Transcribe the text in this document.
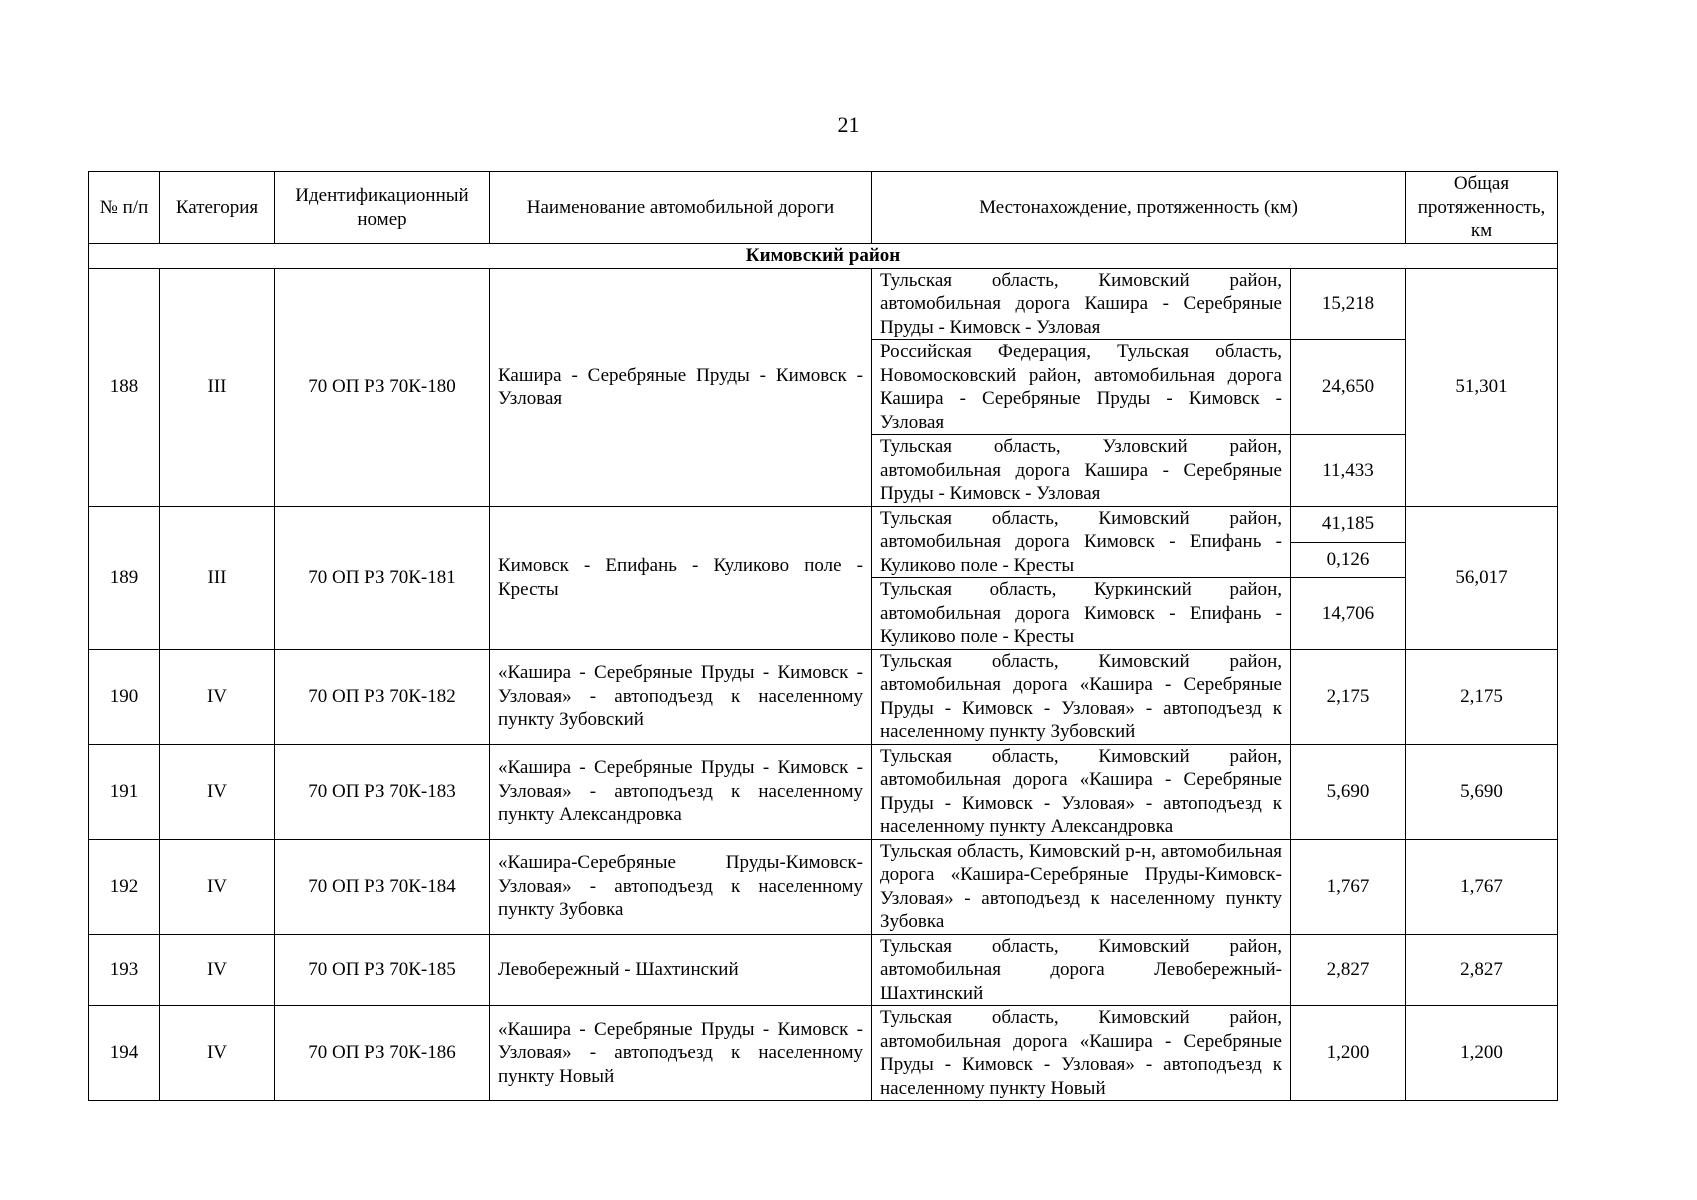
21
№ п/п	Категория	Идентификационный номер	Наименование автомобильной дороги	Местонахождение, протяженность (км)		Общая протяженность, км
Кимовский район						
188	III	70 ОП РЗ 70К-180	Кашира - Серебряные Пруды - Кимовск - Узловая	Тульская область, Кимовский район, автомобильная дорога Кашира - Серебряные Пруды - Кимовск - Узловая	15,218	51,301
				Российская Федерация, Тульская область, Новомосковский район, автомобильная дорога Кашира - Серебряные Пруды - Кимовск - Узловая	24,650	
				Тульская область, Узловский район, автомобильная дорога Кашира - Серебряные Пруды - Кимовск - Узловая	11,433	
189	III	70 ОП РЗ 70К-181	Кимовск - Епифань - Куликово поле - Кресты	Тульская область, Кимовский район, автомобильная дорога Кимовск - Епифань - Куликово поле - Кресты	41,185	56,017
					0,126	
				Тульская область, Куркинский район, автомобильная дорога Кимовск - Епифань - Куликово поле - Кресты	14,706	
190	IV	70 ОП РЗ 70К-182	«Кашира - Серебряные Пруды - Кимовск - Узловая» - автоподъезд к населенному пункту Зубовский	Тульская область, Кимовский район, автомобильная дорога «Кашира - Серебряные Пруды - Кимовск - Узловая» - автоподъезд к населенному пункту Зубовский	2,175	2,175
191	IV	70 ОП РЗ 70К-183	«Кашира - Серебряные Пруды - Кимовск - Узловая» - автоподъезд к населенному пункту Александровка	Тульская область, Кимовский район, автомобильная дорога «Кашира - Серебряные Пруды - Кимовск - Узловая» - автоподъезд к населенному пункту Александровка	5,690	5,690
192	IV	70 ОП РЗ 70К-184	«Кашира-Серебряные Пруды-Кимовск-Узловая» - автоподъезд к населенному пункту Зубовка	Тульская область, Кимовский р-н, автомобильная дорога «Кашира-Серебряные Пруды-Кимовск-Узловая» - автоподъезд к населенному пункту Зубовка	1,767	1,767
193	IV	70 ОП РЗ 70К-185	Левобережный - Шахтинский	Тульская область, Кимовский район, автомобильная дорога Левобережный-Шахтинский	2,827	2,827
194	IV	70 ОП РЗ 70К-186	«Кашира - Серебряные Пруды - Кимовск - Узловая» - автоподъезд к населенному пункту Новый	Тульская область, Кимовский район, автомобильная дорога «Кашира - Серебряные Пруды - Кимовск - Узловая» - автоподъезд к населенному пункту Новый	1,200	1,200
